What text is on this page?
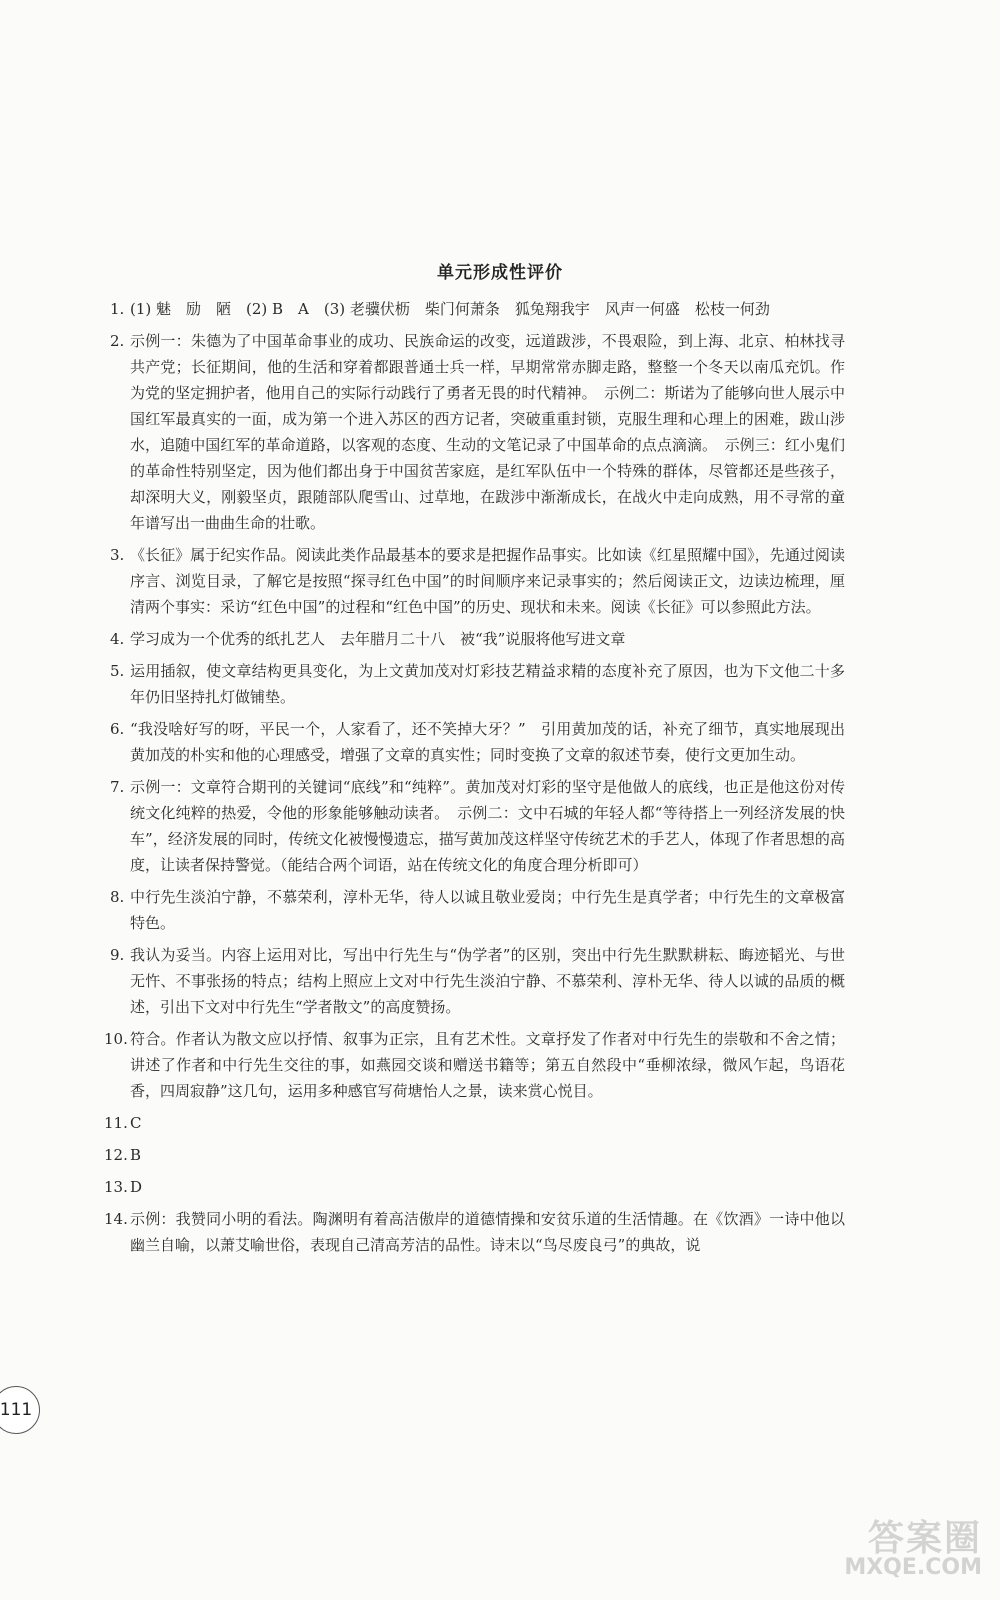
单元形成性评价
1. (1) 魅　励　陋　(2) B　A　(3) 老骥伏枥　柴门何萧条　狐兔翔我宇　风声一何盛　松枝一何劲
2. 示例一：朱德为了中国革命事业的成功、民族命运的改变，远道跋涉，不畏艰险，到上海、北京、柏林找寻共产党；长征期间，他的生活和穿着都跟普通士兵一样，早期常常赤脚走路，整整一个冬天以南瓜充饥。作为党的坚定拥护者，他用自己的实际行动践行了勇者无畏的时代精神。　示例二：斯诺为了能够向世人展示中国红军最真实的一面，成为第一个进入苏区的西方记者，突破重重封锁，克服生理和心理上的困难，跋山涉水，追随中国红军的革命道路，以客观的态度、生动的文笔记录了中国革命的点点滴滴。　示例三：红小鬼们的革命性特别坚定，因为他们都出身于中国贫苦家庭，是红军队伍中一个特殊的群体，尽管都还是些孩子，却深明大义，刚毅坚贞，跟随部队爬雪山、过草地，在跋涉中渐渐成长，在战火中走向成熟，用不寻常的童年谱写出一曲曲生命的壮歌。
3. 《长征》属于纪实作品。阅读此类作品最基本的要求是把握作品事实。比如读《红星照耀中国》，先通过阅读序言、浏览目录，了解它是按照“探寻红色中国”的时间顺序来记录事实的；然后阅读正文，边读边梳理，厘清两个事实：采访“红色中国”的过程和“红色中国”的历史、现状和未来。阅读《长征》可以参照此方法。
4. 学习成为一个优秀的纸扎艺人　去年腊月二十八　被“我”说服将他写进文章
5. 运用插叙，使文章结构更具变化，为上文黄加茂对灯彩技艺精益求精的态度补充了原因，也为下文他二十多年仍旧坚持扎灯做铺垫。
6. “我没啥好写的呀，平民一个，人家看了，还不笑掉大牙？”　引用黄加茂的话，补充了细节，真实地展现出黄加茂的朴实和他的心理感受，增强了文章的真实性；同时变换了文章的叙述节奏，使行文更加生动。
7. 示例一：文章符合期刊的关键词“底线”和“纯粹”。黄加茂对灯彩的坚守是他做人的底线，也正是他这份对传统文化纯粹的热爱，令他的形象能够触动读者。　示例二：文中石城的年轻人都“等待搭上一列经济发展的快车”，经济发展的同时，传统文化被慢慢遗忘，描写黄加茂这样坚守传统艺术的手艺人，体现了作者思想的高度，让读者保持警觉。（能结合两个词语，站在传统文化的角度合理分析即可）
8. 中行先生淡泊宁静，不慕荣利，淳朴无华，待人以诚且敬业爱岗；中行先生是真学者；中行先生的文章极富特色。
9. 我认为妥当。内容上运用对比，写出中行先生与“伪学者”的区别，突出中行先生默默耕耘、晦迹韬光、与世无忤、不事张扬的特点；结构上照应上文对中行先生淡泊宁静、不慕荣利、淳朴无华、待人以诚的品质的概述，引出下文对中行先生“学者散文”的高度赞扬。
10. 符合。作者认为散文应以抒情、叙事为正宗，且有艺术性。文章抒发了作者对中行先生的崇敬和不舍之情；讲述了作者和中行先生交往的事，如燕园交谈和赠送书籍等；第五自然段中“垂柳浓绿，微风乍起，鸟语花香，四周寂静”这几句，运用多种感官写荷塘怡人之景，读来赏心悦目。
11. C
12. B
13. D
14. 示例：我赞同小明的看法。陶渊明有着高洁傲岸的道德情操和安贫乐道的生活情趣。在《饮酒》一诗中他以幽兰自喻，以萧艾喻世俗，表现自己清高芳洁的品性。诗末以“鸟尽废良弓”的典故，说
111
答案圈
MXQE.COM
